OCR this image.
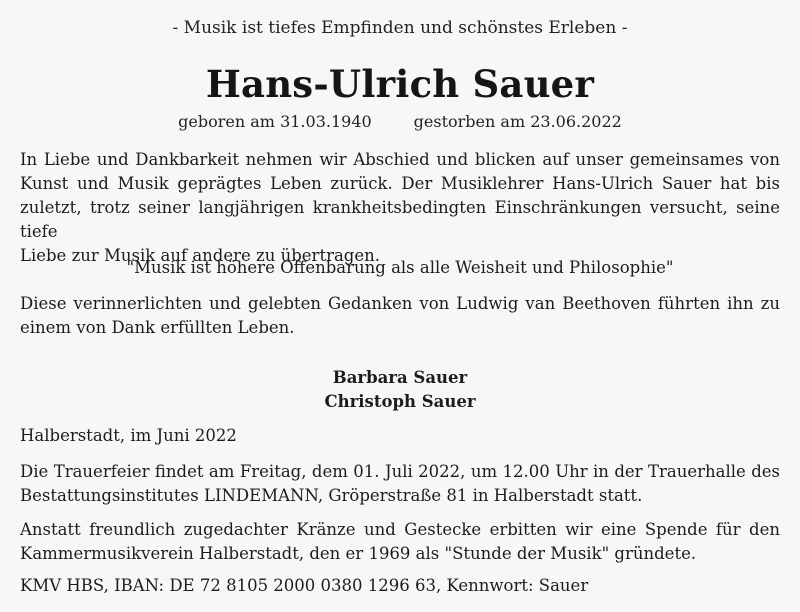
- Musik ist tiefes Empfinden und schönstes Erleben -
Hans-Ulrich Sauer
geboren am 31.03.1940	gestorben am 23.06.2022
In Liebe und Dankbarkeit nehmen wir Abschied und blicken auf unser gemeinsames von
Kunst und Musik geprägtes Leben zurück. Der Musiklehrer Hans-Ulrich Sauer hat bis
zuletzt, trotz seiner langjährigen krankheitsbedingten Einschränkungen versucht, seine tiefe
Liebe zur Musik auf andere zu übertragen.
"Musik ist höhere Offenbarung als alle Weisheit und Philosophie"
Diese verinnerlichten und gelebten Gedanken von Ludwig van Beethoven führten ihn zu
einem von Dank erfüllten Leben.
Barbara Sauer
Christoph Sauer
Halberstadt, im Juni 2022
Die Trauerfeier findet am Freitag, dem 01. Juli 2022, um 12.00 Uhr in der Trauerhalle des
Bestattungsinstitutes LINDEMANN, Gröperstraße 81 in Halberstadt statt.
Anstatt freundlich zugedachter Kränze und Gestecke erbitten wir eine Spende für den
Kammermusikverein Halberstadt, den er 1969 als "Stunde der Musik" gründete.
KMV HBS, IBAN: DE 72 8105 2000 0380 1296 63, Kennwort: Sauer
